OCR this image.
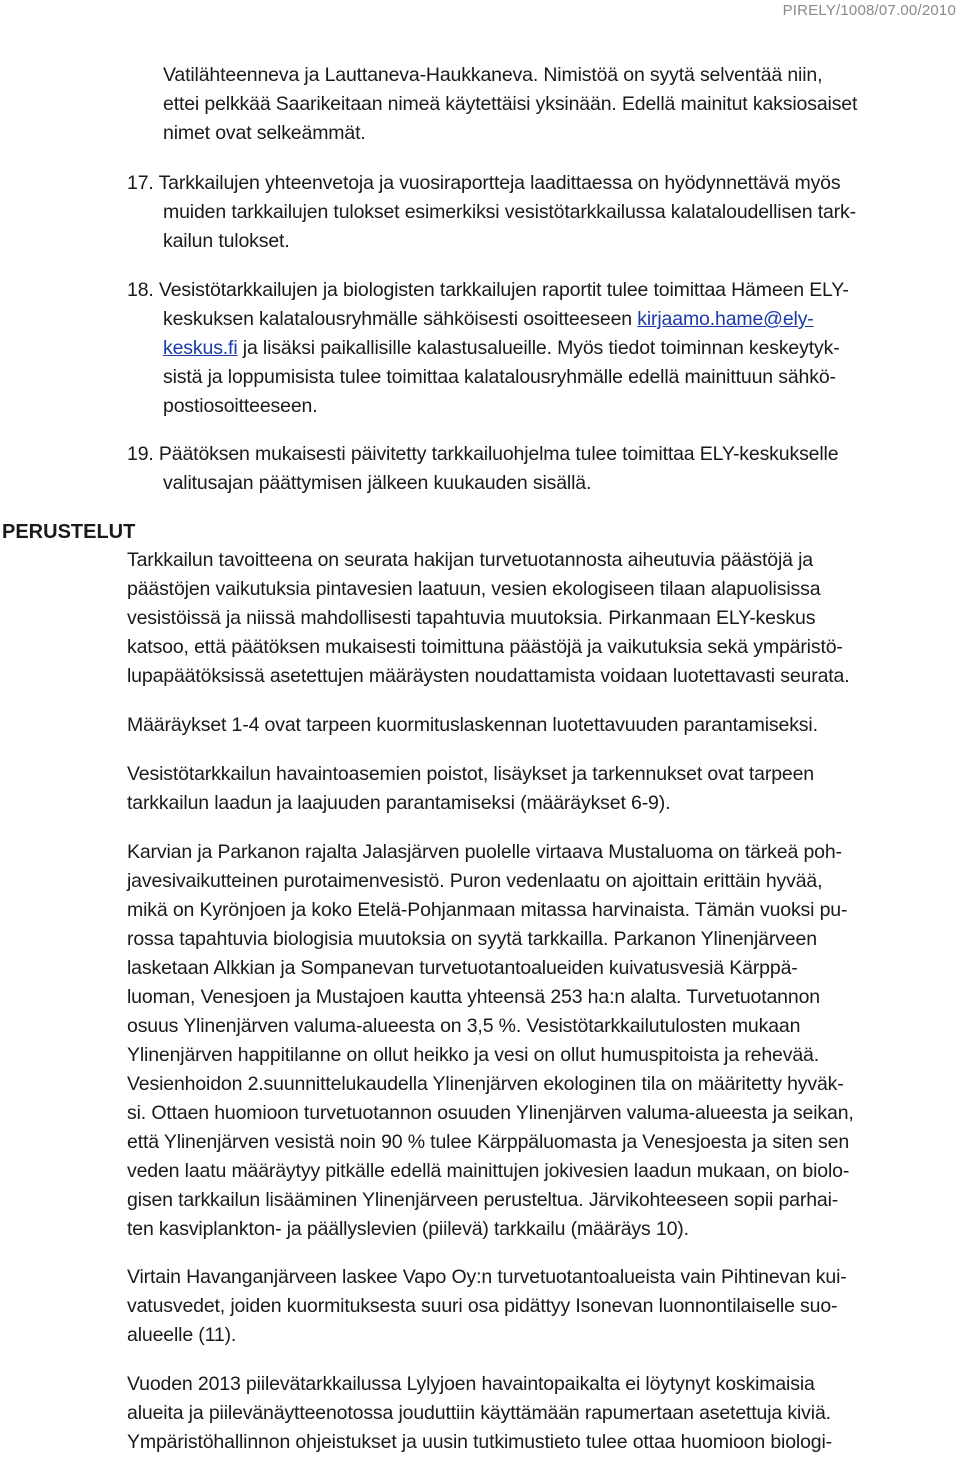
PIRELY/1008/07.00/2010
Vatilähteenneva ja Lauttaneva-Haukkaneva. Nimistöä on syytä selventää niin,
ettei pelkkää Saarikeitaan nimeä käytettäisi yksinään. Edellä mainitut kaksiosaiset
nimet ovat selkeämmät.
17. Tarkkailujen yhteenvetoja ja vuosiraportteja laadittaessa on hyödynnettävä myös
muiden tarkkailujen tulokset esimerkiksi vesistötarkkailussa kalataloudellisen tark-
kailun tulokset.
18. Vesistötarkkailujen ja biologisten tarkkailujen raportit tulee toimittaa Hämeen ELY-
keskuksen kalatalousryhmälle sähköisesti osoitteeseen kirjaamo.hame@ely-
keskus.fi ja lisäksi paikallisille kalastusalueille. Myös tiedot toiminnan keskeytyk-
sistä ja loppumisista tulee toimittaa kalatalousryhmälle edellä mainittuun sähkö-
postiosoitteeseen.
19. Päätöksen mukaisesti päivitetty tarkkailuohjelma tulee toimittaa ELY-keskukselle
valitusajan päättymisen jälkeen kuukauden sisällä.
PERUSTELUT
Tarkkailun tavoitteena on seurata hakijan turvetuotannosta aiheutuvia päästöjä ja
päästöjen vaikutuksia pintavesien laatuun, vesien ekologiseen tilaan alapuolisissa
vesistöissä ja niissä mahdollisesti tapahtuvia muutoksia. Pirkanmaan ELY-keskus
katsoo, että päätöksen mukaisesti toimittuna päästöjä ja vaikutuksia sekä ympäristö-
lupapäätöksissä asetettujen määräysten noudattamista voidaan luotettavasti seurata.
Määräykset 1-4 ovat tarpeen kuormituslaskennan luotettavuuden parantamiseksi.
Vesistötarkkailun havaintoasemien poistot, lisäykset ja tarkennukset ovat tarpeen
tarkkailun laadun ja laajuuden parantamiseksi (määräykset 6-9).
Karvian ja Parkanon rajalta Jalasjärven puolelle virtaava Mustaluoma on tärkeä poh-
javesivaikutteinen purotaimenvesistö. Puron vedenlaatu on ajoittain erittäin hyvää,
mikä on Kyrönjoen ja koko Etelä-Pohjanmaan mitassa harvinaista. Tämän vuoksi pu-
rossa tapahtuvia biologisia muutoksia on syytä tarkkailla. Parkanon Ylinenjärveen
lasketaan Alkkian ja Sompanevan turvetuotantoalueiden kuivatusvesiä Kärppä-
luoman, Venesjoen ja Mustajoen kautta yhteensä 253 ha:n alalta. Turvetuotannon
osuus Ylinenjärven valuma-alueesta on 3,5 %. Vesistötarkkailutulosten mukaan
Ylinenjärven happitilanne on ollut heikko ja vesi on ollut humuspitoista ja rehevää.
Vesienhoidon 2.suunnittelukaudella Ylinenjärven ekologinen tila on määritetty hyväk-
si. Ottaen huomioon turvetuotannon osuuden Ylinenjärven valuma-alueesta ja seikan,
että Ylinenjärven vesistä noin 90 % tulee Kärppäluomasta ja Venesjoesta ja siten sen
veden laatu määräytyy pitkälle edellä mainittujen jokivesien laadun mukaan, on biolo-
gisen tarkkailun lisääminen Ylinenjärveen perusteltua. Järvikohteeseen sopii parhai-
ten kasviplankton- ja päällyslevien (piilevä) tarkkailu (määräys 10).
Virtain Havanganjärveen laskee Vapo Oy:n turvetuotantoalueista vain Pihtinevan kui-
vatusvedet, joiden kuormituksesta suuri osa pidättyy Isonevan luonnontilaiselle suo-
alueelle (11).
Vuoden 2013 piilevätarkkailussa Lylyjoen havaintopaikalta ei löytynyt koskimaisia
alueita ja piilevänäytteenotossa jouduttiin käyttämään rapumertaan asetettuja kiviä.
Ympäristöhallinnon ohjeistukset ja uusin tutkimustieto tulee ottaa huomioon biologi-
